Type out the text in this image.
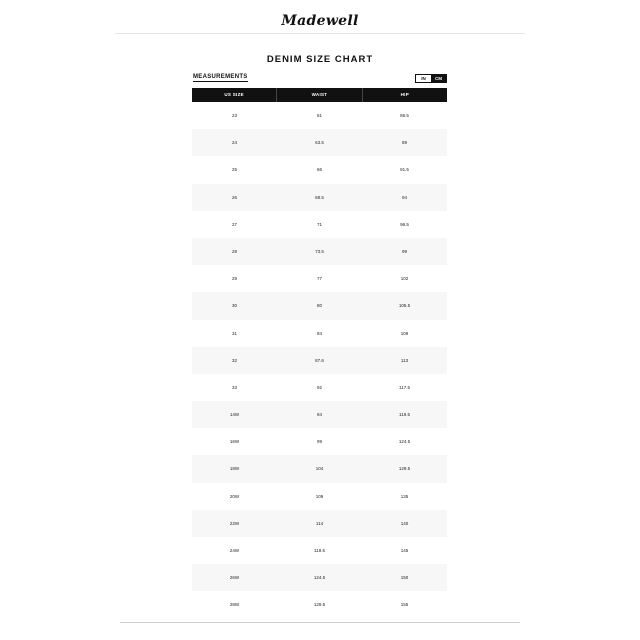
Madewell
DENIM SIZE CHART
MEASUREMENTS	IN	CM
US SIZE	WAIST	HIP
23	61	86.5
24	63.5	89
25	66	91.5
26	68.5	94
27	71	96.5
28	73.5	99
29	77	102
30	80	105.5
31	84	109
32	87.6	113
33	92	117.5
14W	94	119.5
16W	99	124.5
18W	104	129.5
20W	109	135
22W	114	140
24W	119.5	145
26W	124.5	150
28W	129.5	155
